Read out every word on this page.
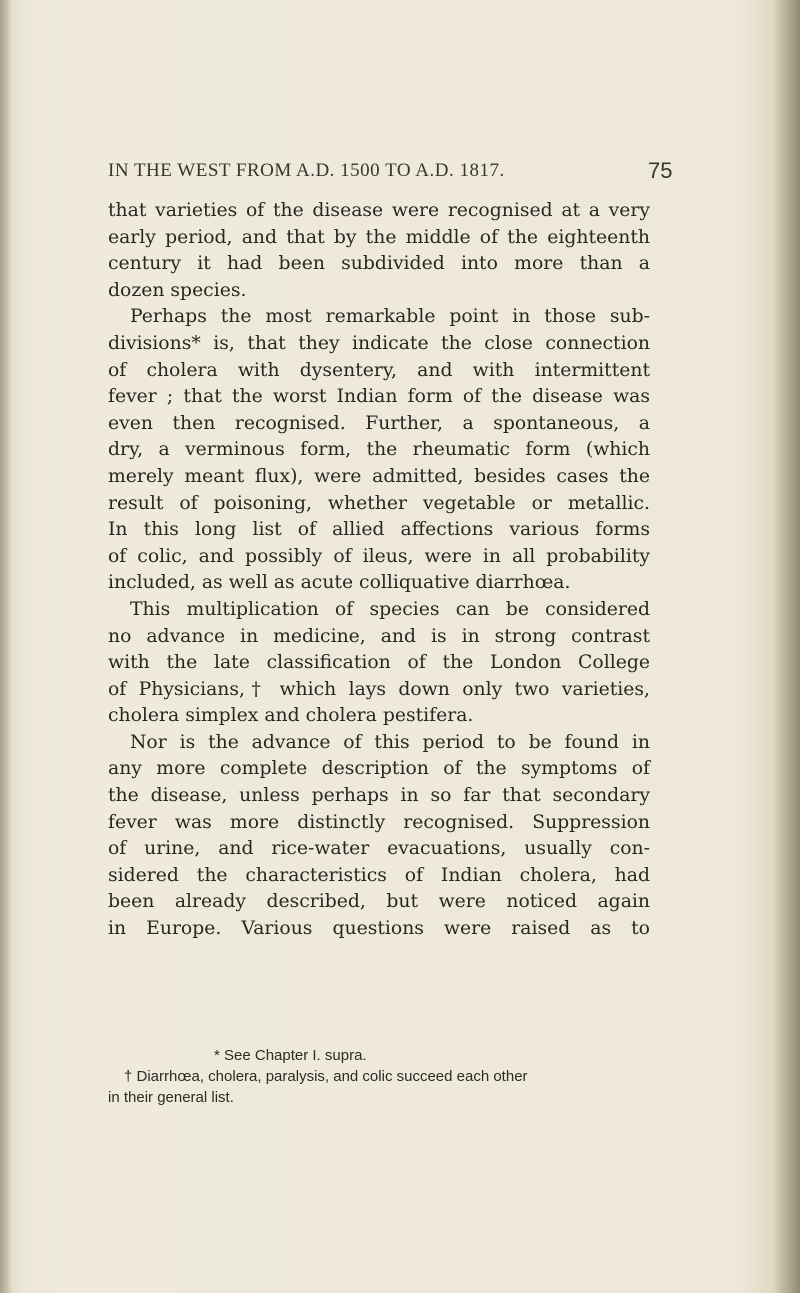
IN THE WEST FROM A.D. 1500 TO A.D. 1817.	75
that varieties of the disease were recognised at a very
early period, and that by the middle of the eighteenth
century it had been subdivided into more than a
dozen species.
Perhaps the most remarkable point in those sub-
divisions* is, that they indicate the close connection
of cholera with dysentery, and with intermittent
fever ; that the worst Indian form of the disease was
even then recognised. Further, a spontaneous, a
dry, a verminous form, the rheumatic form (which
merely meant flux), were admitted, besides cases the
result of poisoning, whether vegetable or metallic.
In this long list of allied affections various forms
of colic, and possibly of ileus, were in all probability
included, as well as acute colliquative diarrhœa.
This multiplication of species can be considered
no advance in medicine, and is in strong contrast
with the late classification of the London College
of Physicians,† which lays down only two varieties,
cholera simplex and cholera pestifera.
Nor is the advance of this period to be found in
any more complete description of the symptoms of
the disease, unless perhaps in so far that secondary
fever was more distinctly recognised. Suppression
of urine, and rice-water evacuations, usually con-
sidered the characteristics of Indian cholera, had
been already described, but were noticed again
in Europe. Various questions were raised as to
* See Chapter I. supra.
† Diarrhœa, cholera, paralysis, and colic succeed each other
in their general list.
